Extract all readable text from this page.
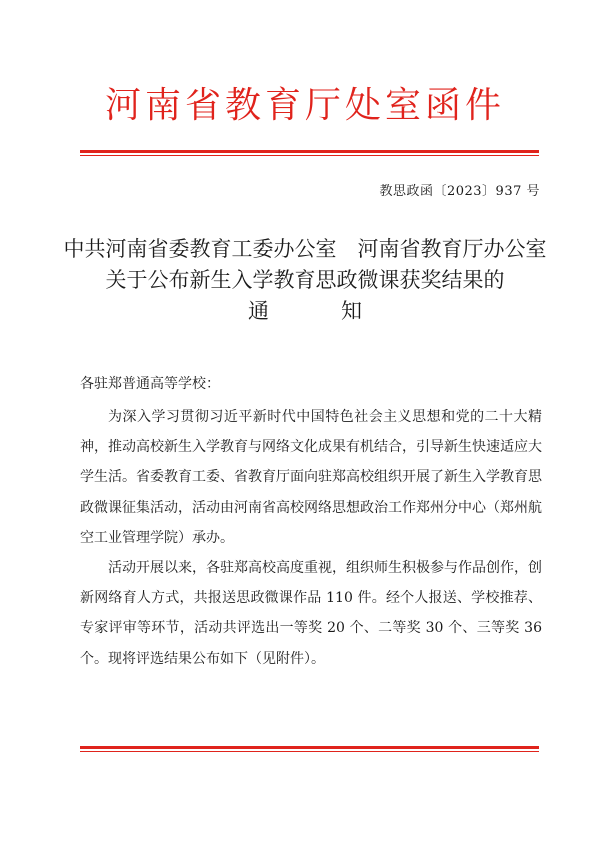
河南省教育厅处室函件
教思政函〔2023〕937 号
中共河南省委教育工委办公室　河南省教育厅办公室
关于公布新生入学教育思政微课获奖结果的
通知
各驻郑普通高等学校：

为深入学习贯彻习近平新时代中国特色社会主义思想和党的二十大精神，推动高校新生入学教育与网络文化成果有机结合，引导新生快速适应大学生活。省委教育工委、省教育厅面向驻郑高校组织开展了新生入学教育思政微课征集活动，活动由河南省高校网络思想政治工作郑州分中心（郑州航空工业管理学院）承办。

活动开展以来，各驻郑高校高度重视，组织师生积极参与作品创作，创新网络育人方式，共报送思政微课作品 110 件。经个人报送、学校推荐、专家评审等环节，活动共评选出一等奖 20 个、二等奖 30 个、三等奖 36 个。现将评选结果公布如下（见附件）。
